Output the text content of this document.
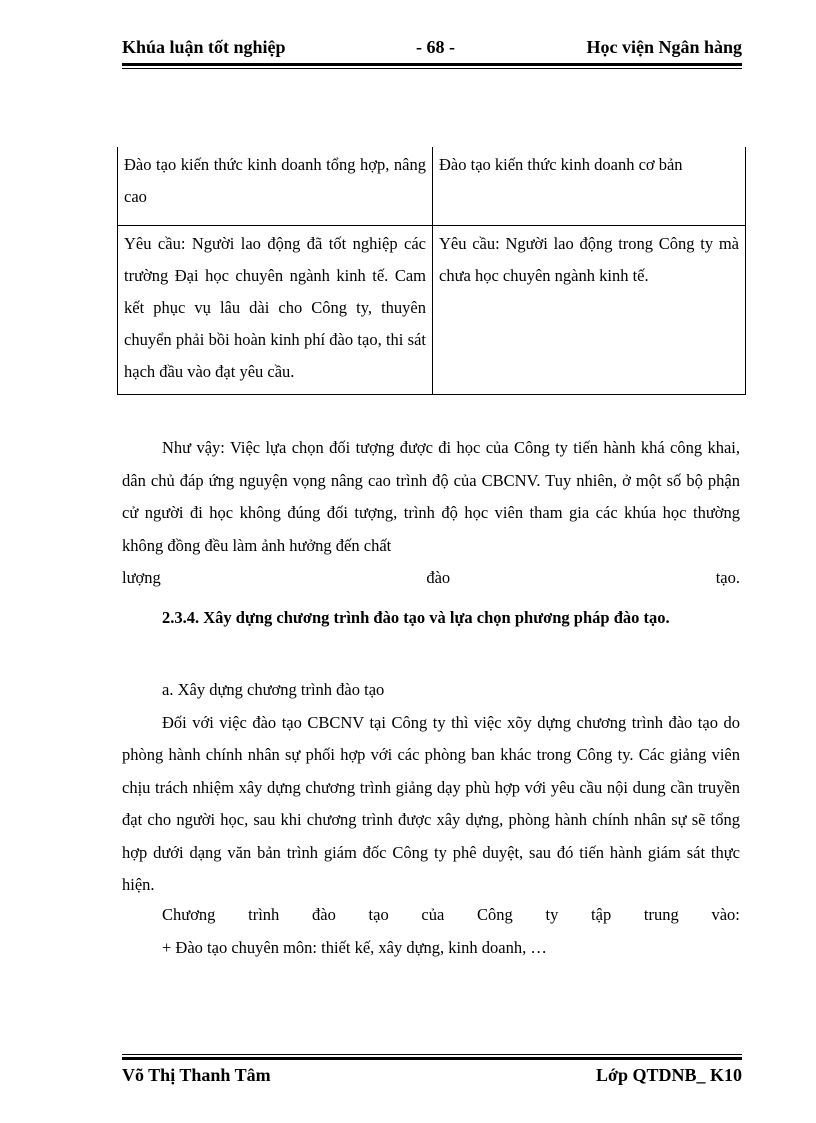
Khúa luận tốt nghiệp	- 68 -	Học viện Ngân hàng
Đào tạo kiến thức kinh doanh tổng hợp, nâng cao	Đào tạo kiến thức kinh doanh cơ bản
Yêu cầu: Người lao động đã tốt nghiệp các trường Đại học chuyên ngành kinh tế. Cam kết phục vụ lâu dài cho Công ty, thuyên chuyển phải bồi hoàn kinh phí đào tạo, thi sát hạch đầu vào đạt yêu cầu.	Yêu cầu: Người lao động trong Công ty mà chưa học chuyên ngành kinh tế.

Như vậy: Việc lựa chọn đối tượng được đi học của Công ty tiến hành khá công khai, dân chủ đáp ứng nguyện vọng nâng cao trình độ của CBCNV. Tuy nhiên, ở một số bộ phận cử người đi học không đúng đối tượng, trình độ học viên tham gia các khúa học thường không đồng đều làm ảnh hưởng đến chất

lượng	đào	tạo.

2.3.4. Xây dựng chương trình đào tạo và lựa chọn phương pháp đào tạo.

a. Xây dựng chương trình đào tạo

Đối với việc đào tạo CBCNV tại Công ty thì việc xõy dựng chương trình đào tạo do phòng hành chính nhân sự phối hợp với các phòng ban khác trong Công ty. Các giảng viên chịu trách nhiệm xây dựng chương trình giảng dạy phù hợp với yêu cầu nội dung cần truyền đạt cho người học, sau khi chương trình được xây dựng, phòng hành chính nhân sự sẽ tổng hợp dưới dạng văn bản trình giám đốc Công ty phê duyệt, sau đó tiến hành giám sát thực hiện.

Chương trình đào tạo của Công ty tập trung vào:

+ Đào tạo chuyên môn: thiết kế, xây dựng, kinh doanh, …

Võ Thị Thanh Tâm	Lớp QTDNB_ K10
